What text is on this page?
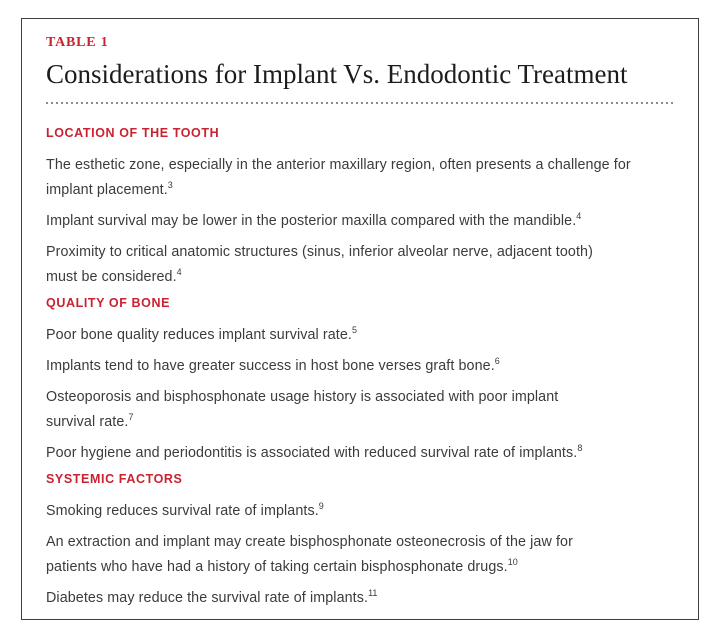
TABLE 1
Considerations for Implant Vs. Endodontic Treatment
LOCATION OF THE TOOTH

The esthetic zone, especially in the anterior maxillary region, often presents a challenge for implant placement.$^3$

Implant survival may be lower in the posterior maxilla compared with the mandible.$^4$

Proximity to critical anatomic structures (sinus, inferior alveolar nerve, adjacent tooth) must be considered.$^4$

QUALITY OF BONE

Poor bone quality reduces implant survival rate.$^5$

Implants tend to have greater success in host bone verses graft bone.$^6$

Osteoporosis and bisphosphonate usage history is associated with poor implant survival rate.$^7$

Poor hygiene and periodontitis is associated with reduced survival rate of implants.$^8$

SYSTEMIC FACTORS

Smoking reduces survival rate of implants.$^9$

An extraction and implant may create bisphosphonate osteonecrosis of the jaw for patients who have had a history of taking certain bisphosphonate drugs.$^{10}$

Diabetes may reduce the survival rate of implants.$^{11}$
